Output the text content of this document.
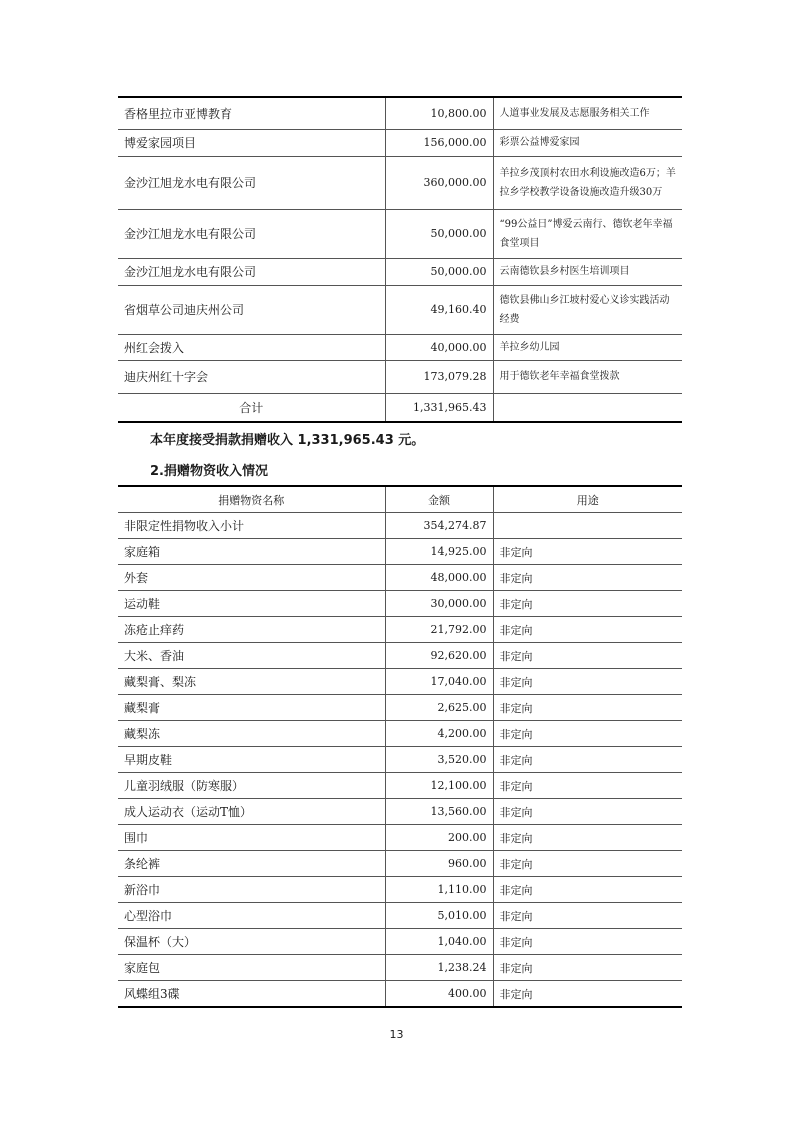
香格里拉市亚博教育	10,800.00	人道事业发展及志愿服务相关工作
博爱家园项目	156,000.00	彩票公益博爱家园
金沙江旭龙水电有限公司	360,000.00	羊拉乡茂顶村农田水利设施改造6万；羊拉乡学校教学设备设施改造升级30万
金沙江旭龙水电有限公司	50,000.00	“99公益日”博爱云南行、德钦老年幸福食堂项目
金沙江旭龙水电有限公司	50,000.00	云南德钦县乡村医生培训项目
省烟草公司迪庆州公司	49,160.40	德钦县佛山乡江坡村爱心义诊实践活动经费
州红会拨入	40,000.00	羊拉乡幼儿园
迪庆州红十字会	173,079.28	用于德钦老年幸福食堂拨款
合计	1,331,965.43	
本年度接受捐款捐赠收入 1,331,965.43 元。
2.捐赠物资收入情况
捐赠物资名称	金额	用途
非限定性捐物收入小计	354,274.87	
家庭箱	14,925.00	非定向
外套	48,000.00	非定向
运动鞋	30,000.00	非定向
冻疮止痒药	21,792.00	非定向
大米、香油	92,620.00	非定向
藏梨膏、梨冻	17,040.00	非定向
藏梨膏	2,625.00	非定向
藏梨冻	4,200.00	非定向
早期皮鞋	3,520.00	非定向
儿童羽绒服（防寒服）	12,100.00	非定向
成人运动衣（运动T恤）	13,560.00	非定向
围巾	200.00	非定向
条纶裤	960.00	非定向
新浴巾	1,110.00	非定向
心型浴巾	5,010.00	非定向
保温杯（大）	1,040.00	非定向
家庭包	1,238.24	非定向
风蝶组3碟	400.00	非定向
13
